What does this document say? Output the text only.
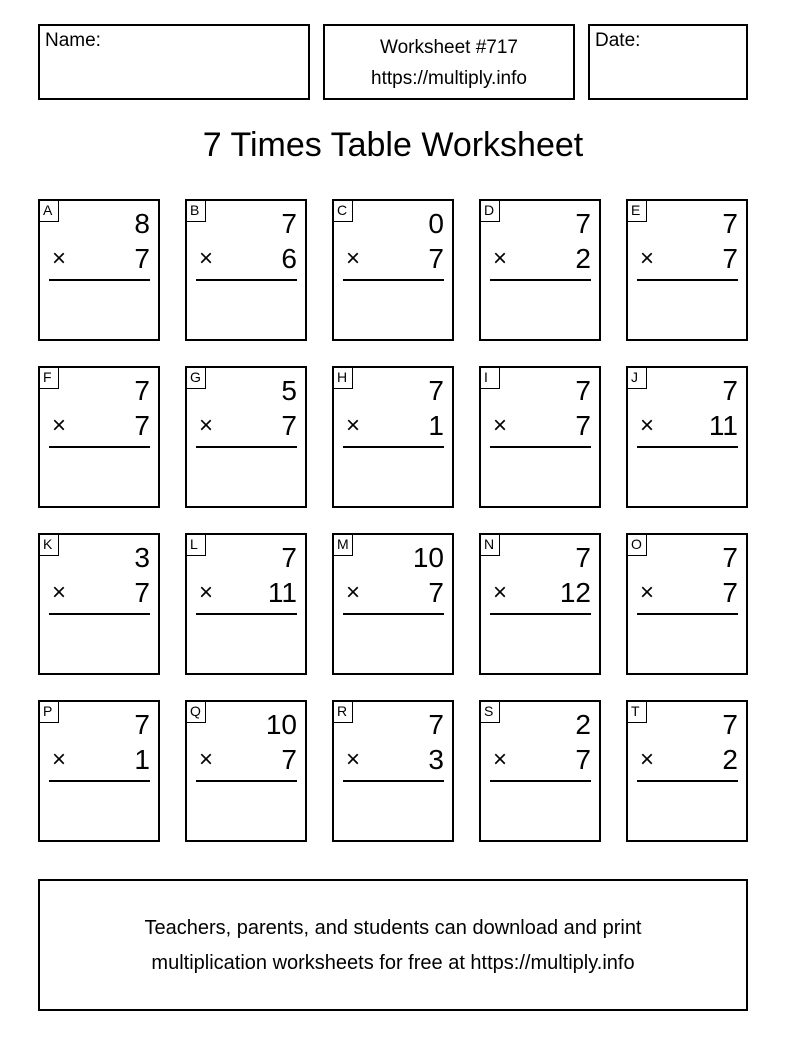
Name:	Worksheet #717
https://multiply.info
Date:
7 Times Table Worksheet
A	8
× 7
B	7
× 6
C	0
× 7
D	7
× 2
E	7
× 7
F	7
× 7
G	5
× 7
H	7
× 1
I	7
× 7
J	7
× 11
K	3
× 7
L	7
× 11
M 10
× 7
N	7
× 12
O	7
× 7
P	7
× 1
Q 10
× 7
R	7
× 3
S	2
× 7
T	7
× 2
Teachers, parents, and students can download and print
multiplication worksheets for free at https://multiply.info
